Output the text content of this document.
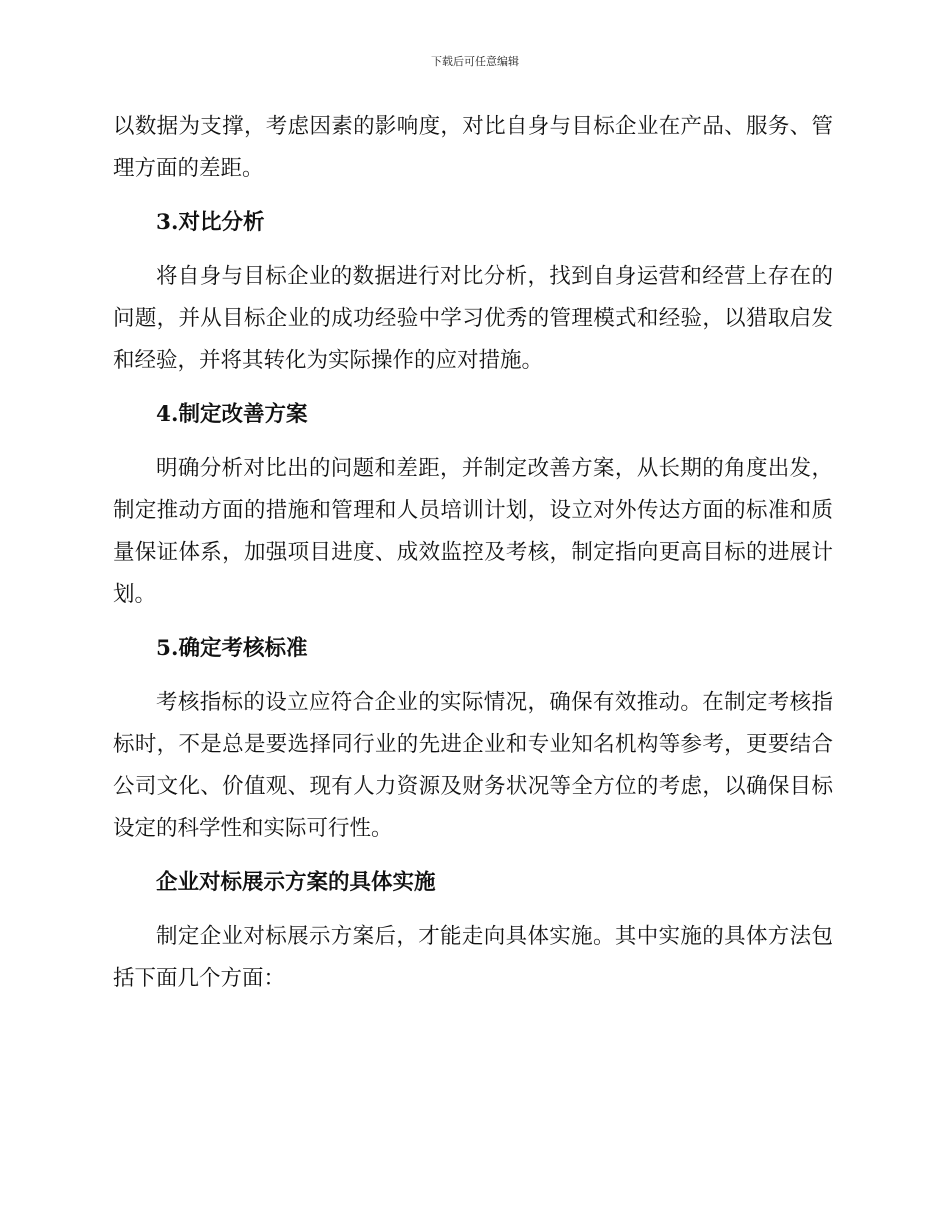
下载后可任意编辑

以数据为支撑，考虑因素的影响度，对比自身与目标企业在产品、服务、管理方面的差距。

3.对比分析

将自身与目标企业的数据进行对比分析，找到自身运营和经营上存在的问题，并从目标企业的成功经验中学习优秀的管理模式和经验，以猎取启发和经验，并将其转化为实际操作的应对措施。

4.制定改善方案

明确分析对比出的问题和差距，并制定改善方案，从长期的角度出发，制定推动方面的措施和管理和人员培训计划，设立对外传达方面的标准和质量保证体系，加强项目进度、成效监控及考核，制定指向更高目标的进展计划。

5.确定考核标准

考核指标的设立应符合企业的实际情况，确保有效推动。在制定考核指标时，不是总是要选择同行业的先进企业和专业知名机构等参考，更要结合公司文化、价值观、现有人力资源及财务状况等全方位的考虑，以确保目标设定的科学性和实际可行性。

企业对标展示方案的具体实施

制定企业对标展示方案后，才能走向具体实施。其中实施的具体方法包括下面几个方面：
